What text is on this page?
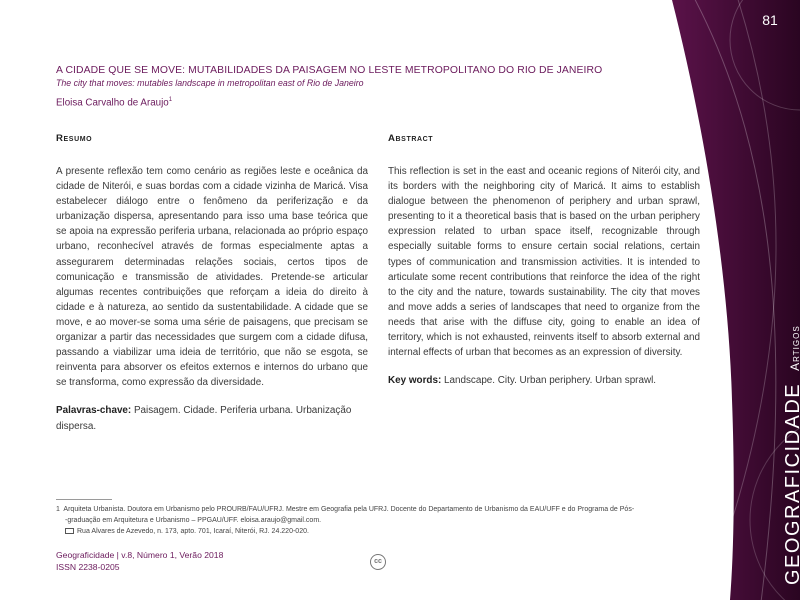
81
A CIDADE QUE SE MOVE: MUTABILIDADES DA PAISAGEM NO LESTE METROPOLITANO DO RIO DE JANEIRO
The city that moves: mutables landscape in metropolitan east of Rio de Janeiro
Eloisa Carvalho de Araujo$^1$
Resumo
A presente reflexão tem como cenário as regiões leste e oceânica da cidade de Niterói, e suas bordas com a cidade vizinha de Maricá. Visa estabelecer diálogo entre o fenômeno da periferização e da urbanização dispersa, apresentando para isso uma base teórica que se apoia na expressão periferia urbana, relacionada ao próprio espaço urbano, reconhecível através de formas especialmente aptas a assegurarem determinadas relações sociais, certos tipos de comunicação e transmissão de atividades. Pretende-se articular algumas recentes contribuições que reforçam a ideia do direito à cidade e à natureza, ao sentido da sustentabilidade. A cidade que se move, e ao mover-se soma uma série de paisagens, que precisam se organizar a partir das necessidades que surgem com a cidade difusa, passando a viabilizar uma ideia de território, que não se esgota, se reinventa para absorver os efeitos externos e internos do urbano que se transforma, como expressão da diversidade.
Palavras-chave: Paisagem. Cidade. Periferia urbana. Urbanização dispersa.
Abstract
This reflection is set in the east and oceanic regions of Niterói city, and its borders with the neighboring city of Maricá. It aims to establish dialogue between the phenomenon of periphery and urban sprawl, presenting to it a theoretical basis that is based on the urban periphery expression related to urban space itself, recognizable through especially suitable forms to ensure certain social relations, certain types of communication and transmission activities. It is intended to articulate some recent contributions that reinforce the idea of the right to the city and the nature, towards sustainability. The city that moves and move adds a series of landscapes that need to organize from the needs that arise with the diffuse city, going to enable an idea of territory, which is not exhausted, reinvents itself to absorb external and internal effects of urban that becomes as an expression of diversity.
Key words: Landscape. City. Urban periphery. Urban sprawl.
1 Arquiteta Urbanista. Doutora em Urbanismo pelo PROURB/FAU/UFRJ. Mestre em Geografia pela UFRJ. Docente do Departamento de Urbanismo da EAU/UFF e do Programa de Pós-
-graduação em Arquitetura e Urbanismo – PPGAU/UFF. eloisa.araujo@gmail.com.
Rua Alvares de Azevedo, n. 173, apto. 701, Icaraí, Niterói, RJ. 24.220-020.
Geograficidade | v.8, Número 1, Verão 2018
ISSN 2238-0205	cc	GEOGRAFICIDADEArtigos
